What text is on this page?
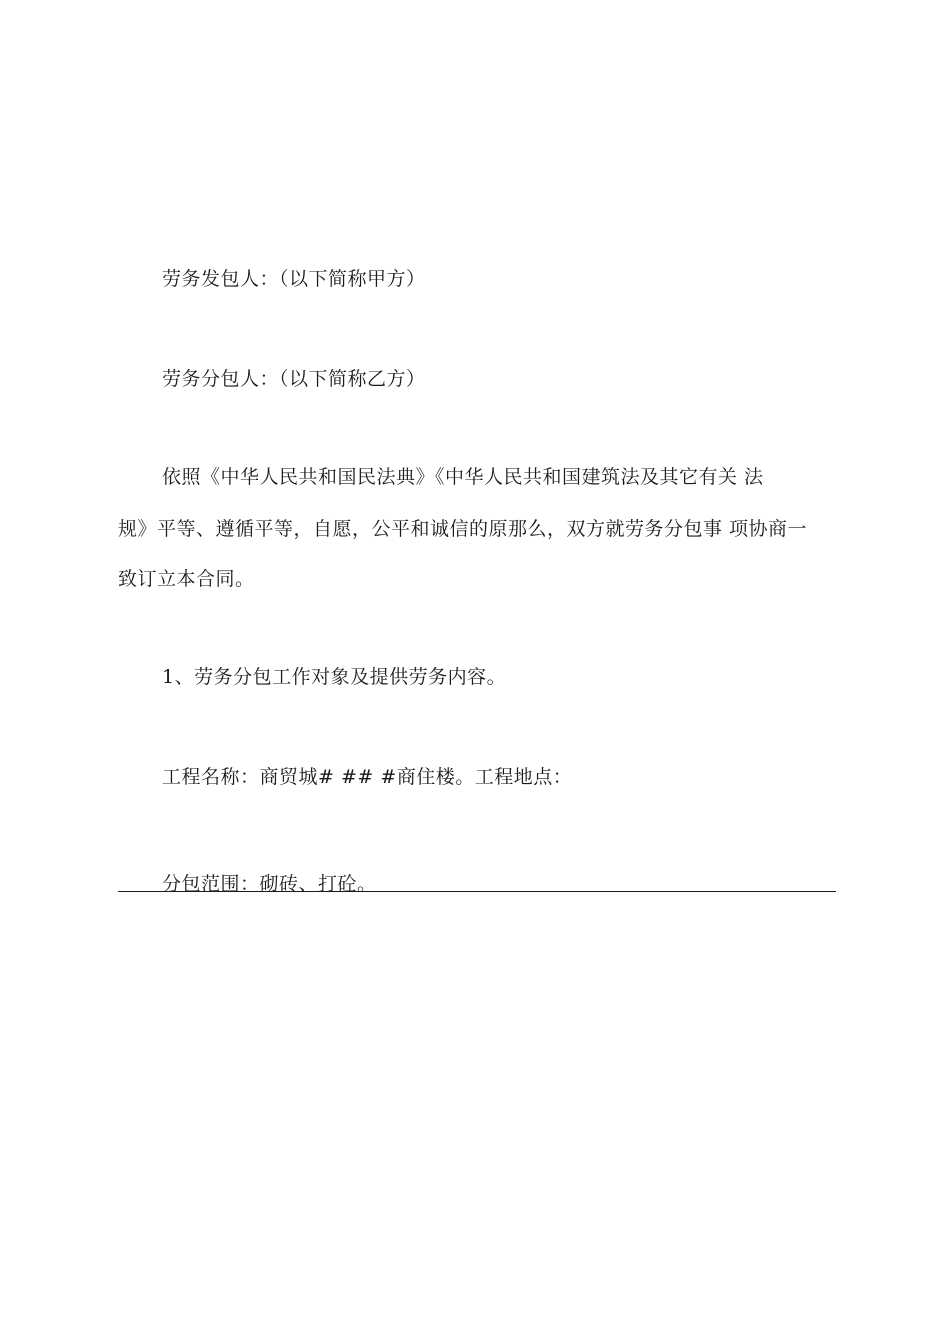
劳务发包人：（以下简称甲方）
劳务分包人：（以下简称乙方）
依照《中华人民共和国民法典》《中华人民共和国建筑法及其它有关 法
规》平等、遵循平等，自愿，公平和诚信的原那么，双方就劳务分包事 项协商一
致订立本合同。
1、劳务分包工作对象及提供劳务内容。
工程名称：商贸城# ## #商住楼。工程地点：
分包范围：砌砖、打砼。
